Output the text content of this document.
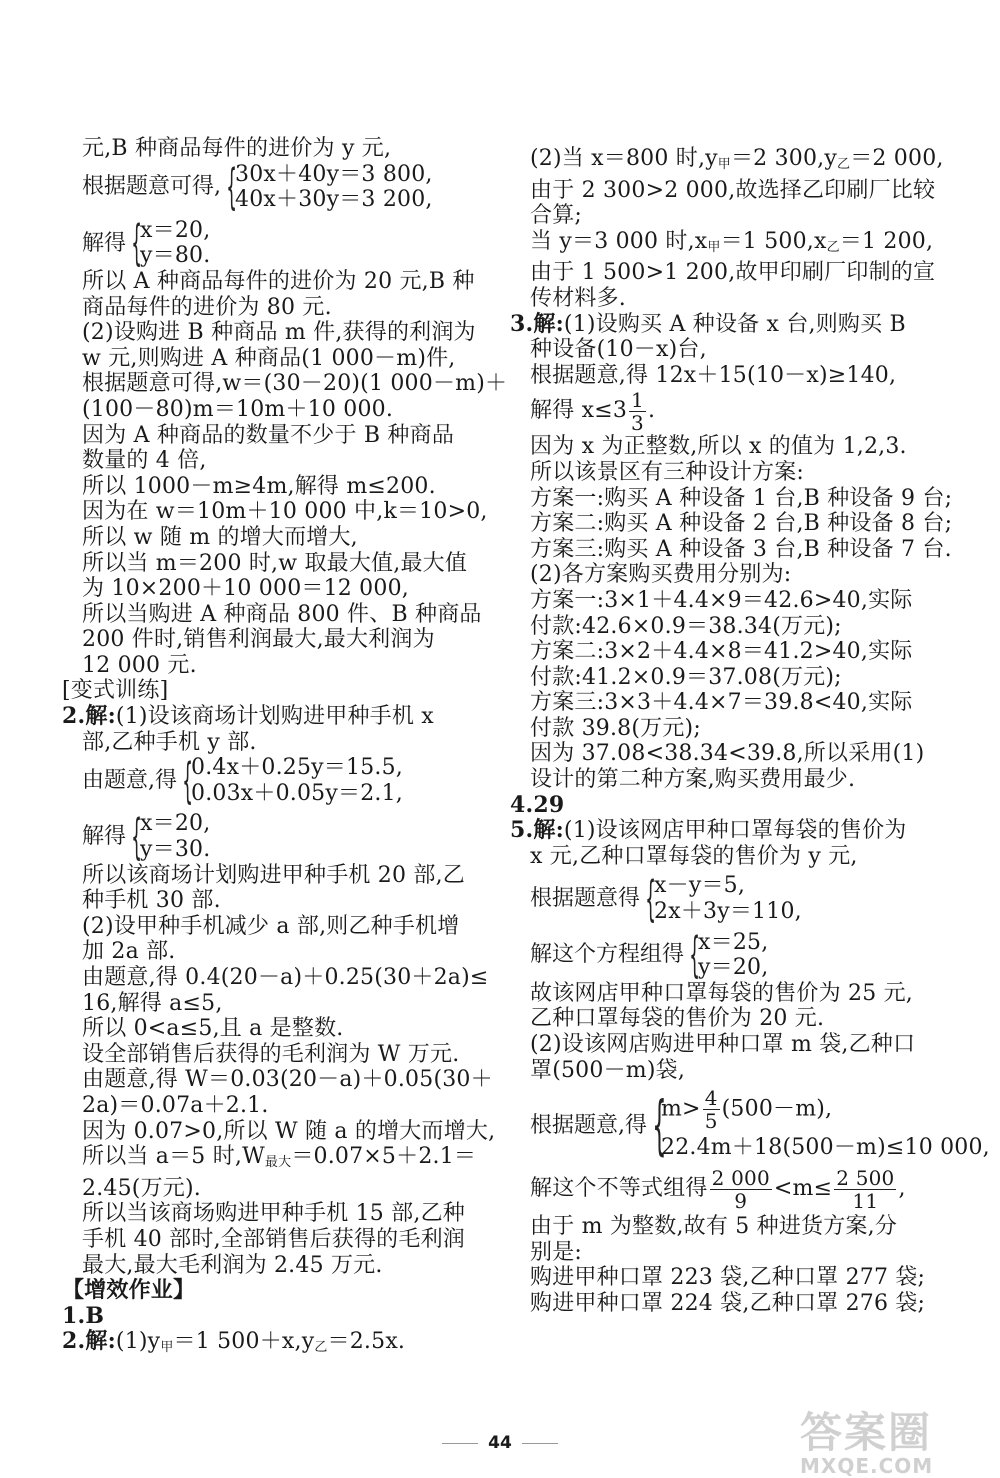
元,B 种商品每件的进价为 y 元,
根据题意可得, {
30x＋40y＝3 800,
40x＋30y＝3 200,
解得 {
x＝20,
y＝80.
所以 A 种商品每件的进价为 20 元,B 种
商品每件的进价为 80 元.
(2)设购进 B 种商品 m 件,获得的利润为
w 元,则购进 A 种商品(1 000－m)件,
根据题意可得,w＝(30－20)(1 000－m)＋
(100－80)m＝10m＋10 000.
因为 A 种商品的数量不少于 B 种商品
数量的 4 倍,
所以 1000－m≥4m,解得 m≤200.
因为在 w＝10m＋10 000 中,k＝10>0,
所以 w 随 m 的增大而增大,
所以当 m＝200 时,w 取最大值,最大值
为 10×200＋10 000＝12 000,
所以当购进 A 种商品 800 件、B 种商品
200 件时,销售利润最大,最大利润为
12 000 元.
[变式训练]
2.解:(1)设该商场计划购进甲种手机 x
部,乙种手机 y 部.
由题意,得 {
0.4x＋0.25y＝15.5,
0.03x＋0.05y＝2.1,
解得 {
x＝20,
y＝30.
所以该商场计划购进甲种手机 20 部,乙
种手机 30 部.
(2)设甲种手机减少 a 部,则乙种手机增
加 2a 部.
由题意,得 0.4(20－a)＋0.25(30＋2a)≤
16,解得 a≤5,
所以 0<a≤5,且 a 是整数.
设全部销售后获得的毛利润为 W 万元.
由题意,得 W＝0.03(20－a)＋0.05(30＋
2a)＝0.07a＋2.1.
因为 0.07>0,所以 W 随 a 的增大而增大,
所以当 a＝5 时$,W_{最大}=0.07\times 5+2.1=$
2.45(万元).
所以当该商场购进甲种手机 15 部,乙种
手机 40 部时,全部销售后获得的毛利润
最大,最大毛利润为 2.45 万元.
【增效作业】
1.B
2.解$:(1)y_甲=1$ $500+x,y_乙=2.5x$.
(2)当 x＝800 时$,y_甲=2$ $300,y_乙=2$ 000,
由于 2 300>2 000,故选择乙印刷厂比较
合算;
当 y＝3 000 时$,x_甲=1$ $500,x_乙=1$ 200,
由于 1 500>1 200,故甲印刷厂印制的宣
传材料多.
3.解:(1)设购买 A 种设备 x 台,则购买 B
种设备(10－x)台,
根据题意,得 12x＋15(10－x)≥140,
解得 $x\le 3 \frac{1}{3}$ .
因为 x 为正整数,所以 x 的值为 1,2,3.
所以该景区有三种设计方案:
方案一:购买 A 种设备 1 台,B 种设备 9 台;
方案二:购买 A 种设备 2 台,B 种设备 8 台;
方案三:购买 A 种设备 3 台,B 种设备 7 台.
(2)各方案购买费用分别为:
方案一:3×1＋4.4×9＝42.6>40,实际
付款:42.6×0.9＝38.34(万元);
方案二:3×2＋4.4×8＝41.2>40,实际
付款:41.2×0.9＝37.08(万元);
方案三:3×3＋4.4×7＝39.8<40,实际
付款 39.8(万元);
因为 37.08<38.34<39.8,所以采用(1)
设计的第二种方案,购买费用最少.
4.29
5.解:(1)设该网店甲种口罩每袋的售价为
x 元,乙种口罩每袋的售价为 y 元,
根据题意得 {
x－y＝5,
2x＋3y＝110,
解这个方程组得 {
x＝25,
y＝20,
故该网店甲种口罩每袋的售价为 25 元,
乙种口罩每袋的售价为 20 元.
(2)设该网店购进甲种口罩 m 袋,乙种口
罩(500－m)袋,
根据题意,得 {
$m> \frac{4}{5} (500-m)$,
22.4m＋18(500－m)≤10 000,
解这个不等式组得 $\frac{2 000}{9} <m\le \frac{2 500}{11}$ ,
由于 m 为整数,故有 5 种进货方案,分
别是:
购进甲种口罩 223 袋,乙种口罩 277 袋;
购进甲种口罩 224 袋,乙种口罩 276 袋;
44	答案圈
MXQE.COM
